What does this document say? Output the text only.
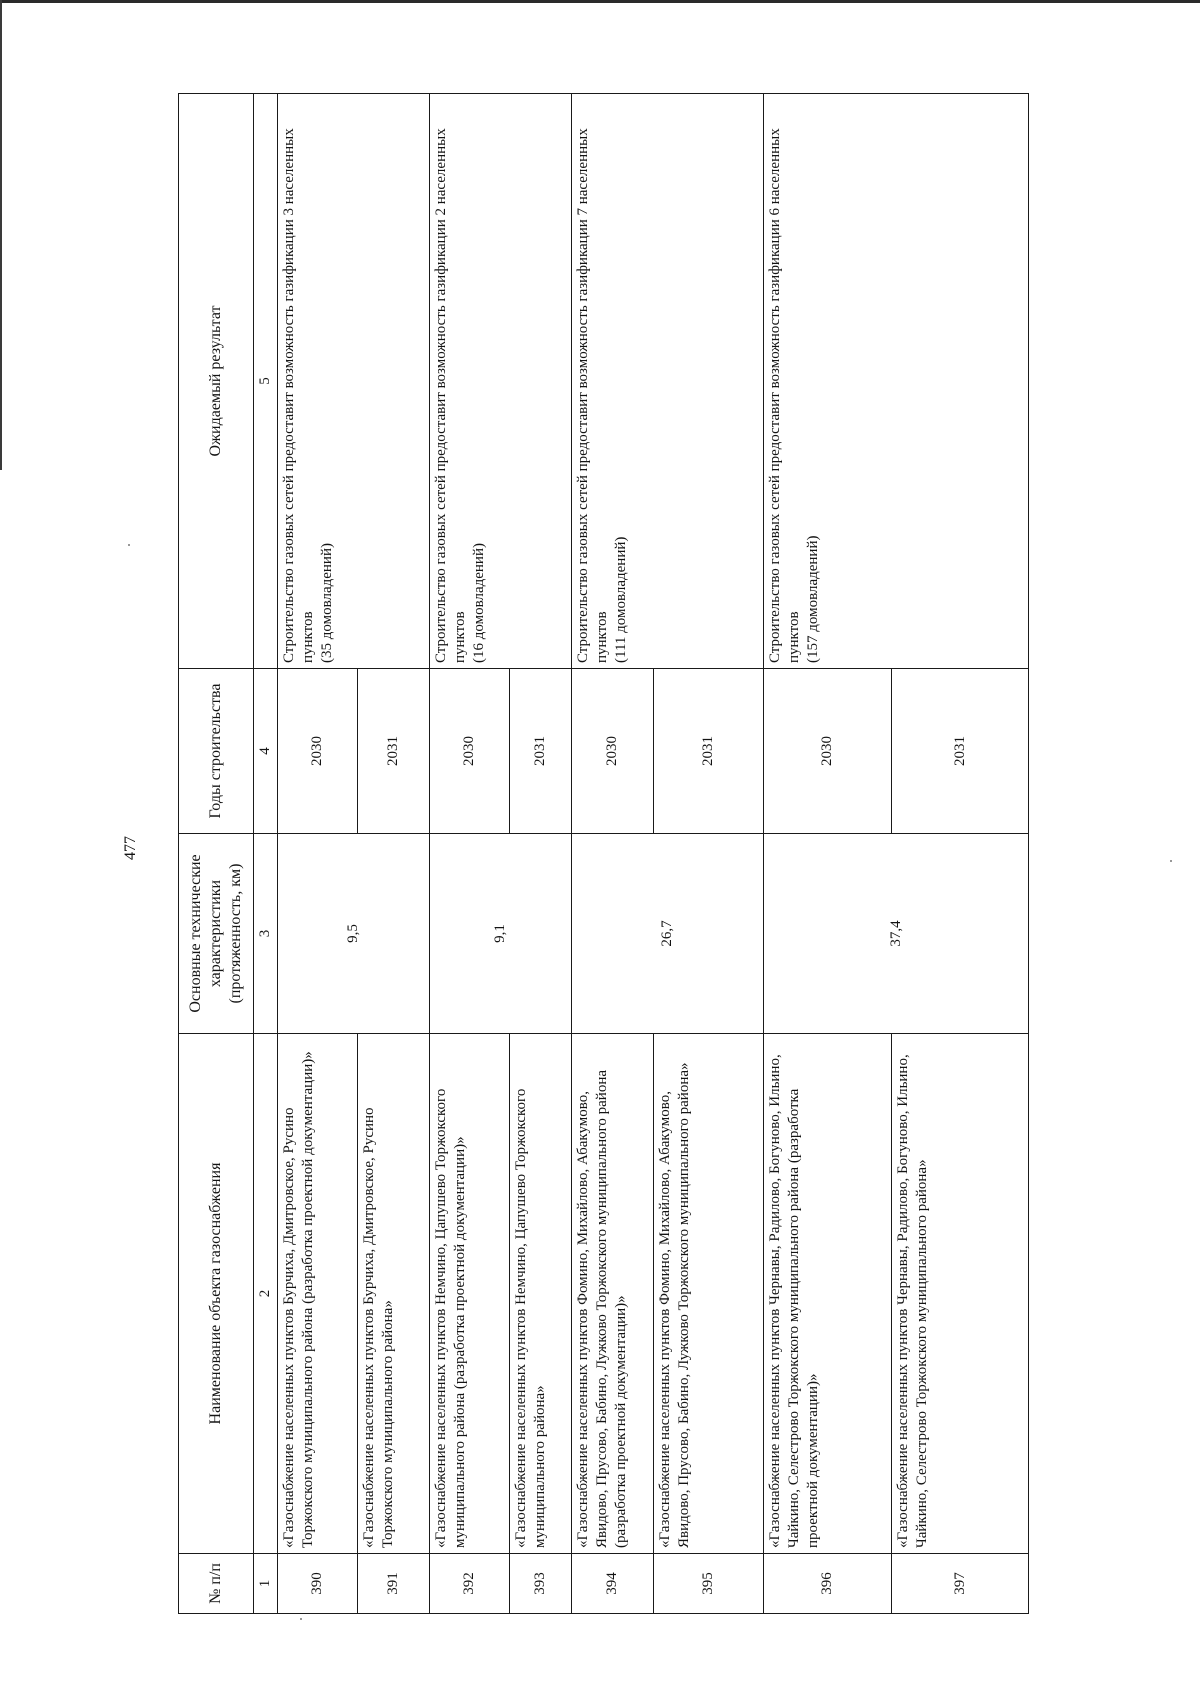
477
№ п/п	Наименование объекта газоснабжения	Основные технические характеристики (протяженность, км)	Годы строительства	Ожидаемый результат
1	2	3	4	5
390	«Газоснабжение населенных пунктов Бурчиха, Дмитровское, Русино Торжокского муниципального района (разработка проектной документации)»	9,5	2030	Строительство газовых сетей предоставит возможность газификации 3 населенных пунктов (35 домовладений)

391	«Газоснабжение населенных пунктов Бурчиха, Дмитровское, Русино Торжокского муниципального района»		2031	
392	«Газоснабжение населенных пунктов Немчино, Цапушево Торжокского муниципального района (разработка проектной документации)»	9,1	2030	Строительство газовых сетей предоставит возможность газификации 2 населенных пунктов (16 домовладений)

393	«Газоснабжение населенных пунктов Немчино, Цапушево Торжокского муниципального района»		2031	
394	«Газоснабжение населенных пунктов Фомино, Михайлово, Абакумово, Явидово, Прусово, Бабино, Лужково Торжокского муниципального района (разработка проектной документации)»	26,7	2030	Строительство газовых сетей предоставит возможность газификации 7 населенных пунктов (111 домовладений)

395	«Газоснабжение населенных пунктов Фомино, Михайлово, Абакумово, Явидово, Прусово, Бабино, Лужково Торжокского муниципального района»		2031	
396	«Газоснабжение населенных пунктов Чернавы, Радилово, Богуново, Ильино, Чайкино, Селестрово Торжокского муниципального района (разработка проектной документации)»	37,4	2030	Строительство газовых сетей предоставит возможность газификации 6 населенных пунктов (157 домовладений)

397	«Газоснабжение населенных пунктов Чернавы, Радилово, Богуново, Ильино, Чайкино, Селестрово Торжокского муниципального района»		2031	
